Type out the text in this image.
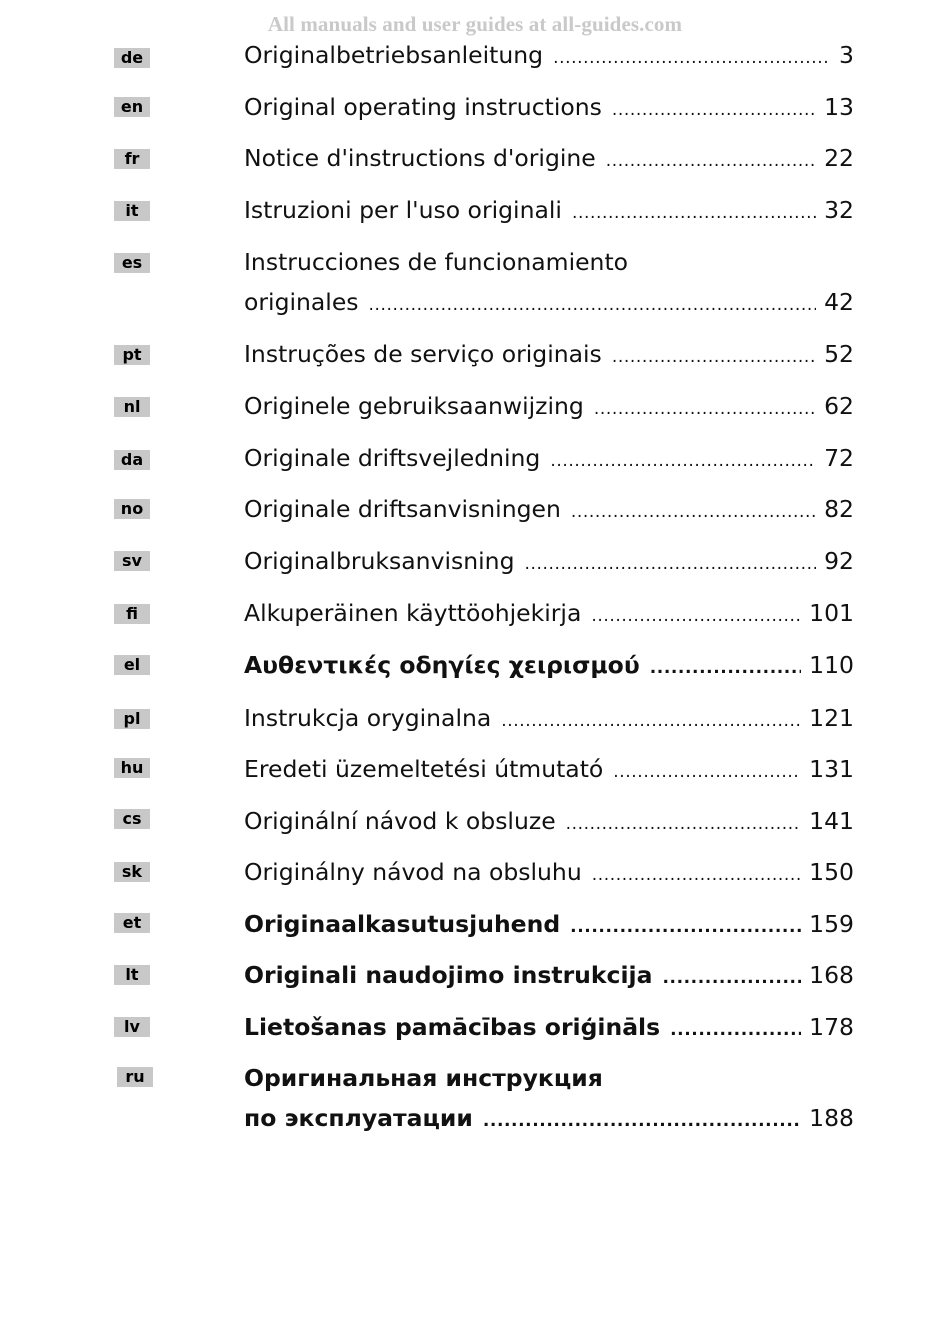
All manuals and user guides at all-guides.com
de	Originalbetriebsanleitung .....	3
en	Original operating instructions .....	13
fr	Notice d'instructions d'origine .....	22
it	Istruzioni per l'uso originali .....	32
es	Instrucciones de funcionamiento
originales .....	42
pt	Instruções de serviço originais .....	52
nl	Originele gebruiksaanwijzing .....	62
da	Originale driftsvejledning .....	72
no	Originale driftsanvisningen .....	82
sv	Originalbruksanvisning .....	92
fi	Alkuperäinen käyttöohjekirja .....	101
el	Αυθεντικές οδηγίες χειρισμού .....	110
pl	Instrukcja oryginalna .....	121
hu	Eredeti üzemeltetési útmutató .....	131
cs	Originální návod k obsluze .....	141
sk	Originálny návod na obsluhu .....	150
et	Originaalkasutusjuhend .....	159
lt	Originali naudojimo instrukcija .....	168
lv	Lietošanas pamācības oriģināls .....	178
ru	Оригинальная инструкция
по эксплуатации .....	188
